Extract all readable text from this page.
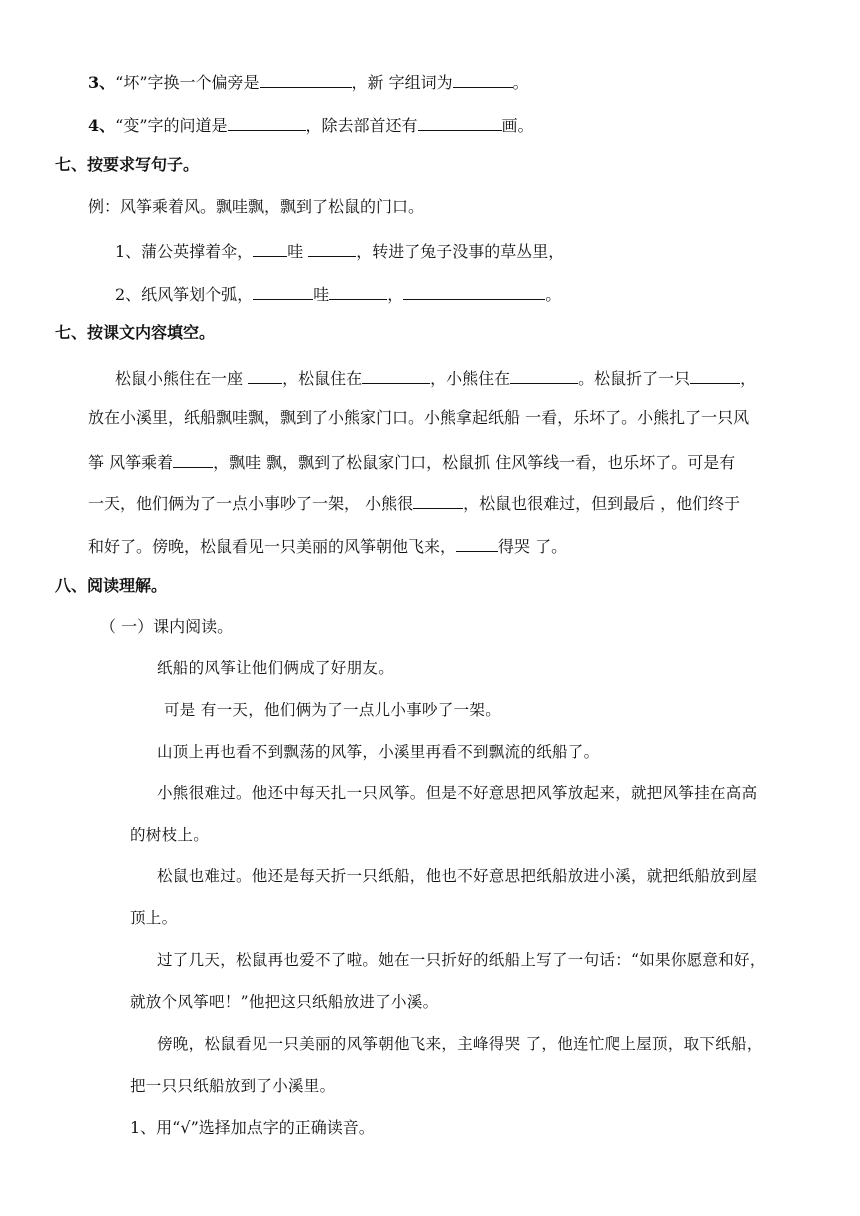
3、“坏”字换一个偏旁是	，新 字组词为	。
4、“变”字的问道是	，除去部首还有	画。
七、按要求写句子。
例：风筝乘着风。飘哇飘，飘到了松鼠的门口。
1、蒲公英撑着伞， 哇	，转进了兔子没事的草丛里，
2、纸风筝划个弧，	哇	，	。
七、按课文内容填空。
松鼠小熊住在一座 ，松鼠住在	，小熊住在	。松鼠折了一只	，
放在小溪里，纸船飘哇飘，飘到了小熊家门口。小熊拿起纸船 一看，乐坏了。小熊扎了一只风
筝 风筝乘着	，飘哇 飘，飘到了松鼠家门口，松鼠抓 住风筝线一看，也乐坏了。可是有
一天，他们俩为了一点小事吵了一架， 小熊很	，松鼠也很难过，但到最后 ，他们终于
和好了。傍晚，松鼠看见一只美丽的风筝朝他飞来，	得哭 了。
八、阅读理解。
（ 一）课内阅读。
纸船的风筝让他们俩成了好朋友。
可是 有一天，他们俩为了一点儿小事吵了一架。
山顶上再也看不到飘荡的风筝，小溪里再看不到飘流的纸船了。
小熊很难过。他还中每天扎一只风筝。但是不好意思把风筝放起来，就把风筝挂在高高
的树枝上。
松鼠也难过。他还是每天折一只纸船，他也不好意思把纸船放进小溪，就把纸船放到屋
顶上。
过了几天，松鼠再也爱不了啦。她在一只折好的纸船上写了一句话：“如果你愿意和好，
就放个风筝吧！”他把这只纸船放进了小溪。
傍晚，松鼠看见一只美丽的风筝朝他飞来，主峰得哭 了，他连忙爬上屋顶，取下纸船，
把一只只纸船放到了小溪里。
1、用“√”选择加点字的正确读音。
